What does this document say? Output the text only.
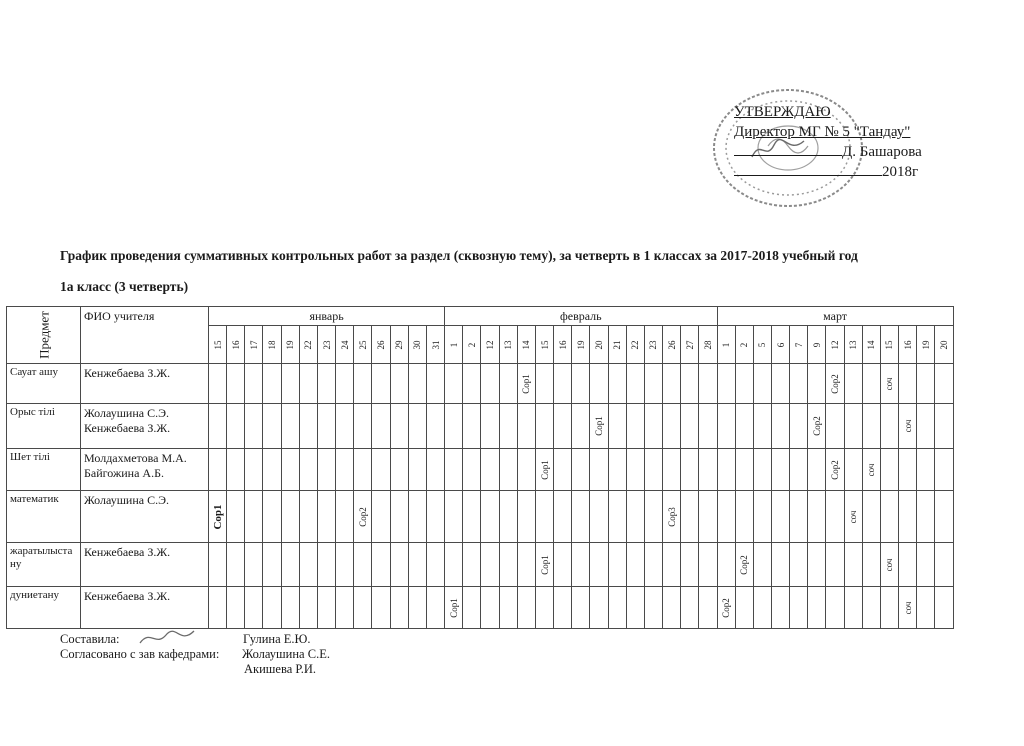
УТВЕРЖДАЮ
Директор МГ № 5 "Тандау"
Д. Башарова
2018г
График проведения суммативных контрольных работ за раздел (сквозную тему), за четверть в 1 классах за 2017-2018 учебный год
1а класс (3 четверть)
Предмет	ФИО учителя	январь													февраль															март												

		15	16	17	18	19	22	23	24	25	26	29	30	31	1	2	12	13	14	15	16	19	20	21	22	23	26	27	28	1	2	5	6	7	9	12	13	14	15	16	19	20

Сауат ашу	Кенжебаева З.Ж.																		Сор1																	Сор2			соч			

Орыс тілі	Жолаушина С.Э.
Кенжебаева З.Ж.																						Сор1												Сор2					соч		

Шет тілі	Молдахметова М.А.
Байгожина А.Б.																			Сор1																Сор2		соч				

математик	Жолаушина С.Э.	Сор1								Сор2																	Сор3										соч					

жаратылыстану	Кенжебаева З.Ж.																			Сор1											Сор2								соч			

дуниетану	Кенжебаева З.Ж.														Сор1															Сор2										соч		

Составила:	Гулина Е.Ю.
Согласовано с зав кафедрами: Жолаушина С.Е.
Акишева Р.И.
